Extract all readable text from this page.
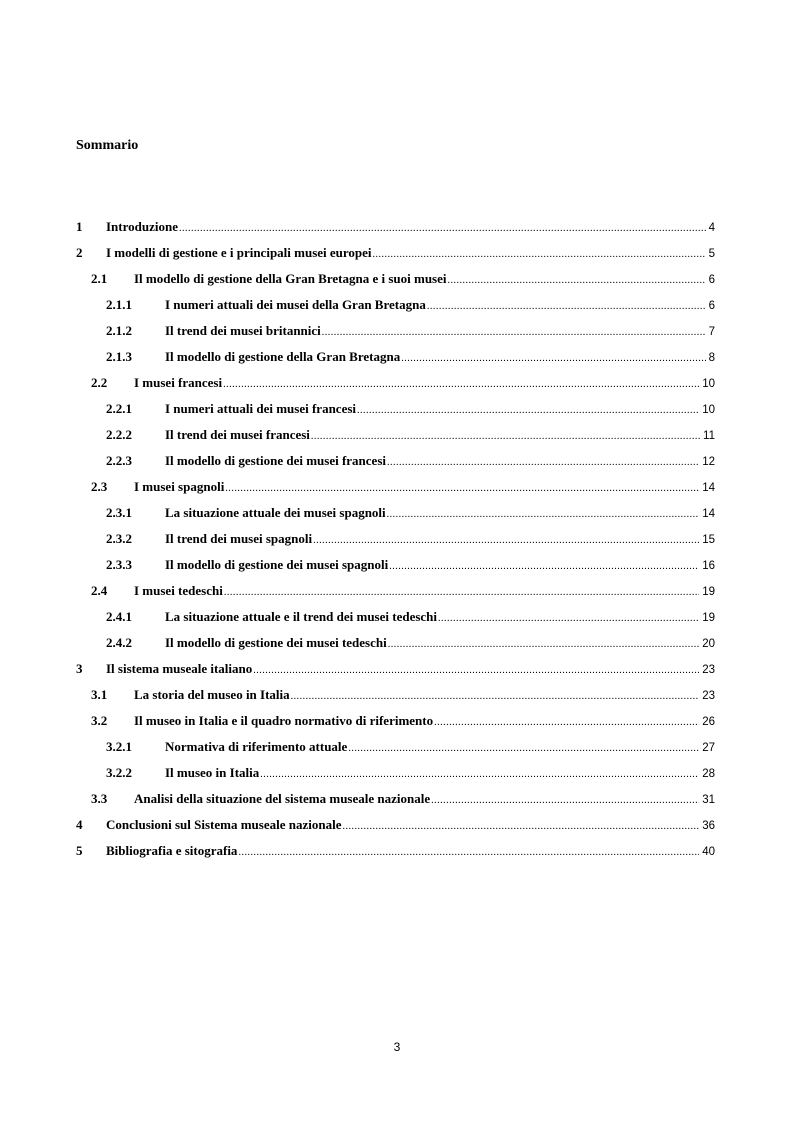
Sommario
1 Introduzione .....	4
2 I modelli di gestione e i principali musei europei .....	5
2.1 Il modello di gestione della Gran Bretagna e i suoi musei .....	6
2.1.1	I numeri attuali dei musei della Gran Bretagna .....	6
2.1.2	Il trend dei musei britannici .....	7
2.1.3	Il modello di gestione della Gran Bretagna .....	8
2.2 I musei francesi .....	10
2.2.1	I numeri attuali dei musei francesi .....	10
2.2.2	Il trend dei musei francesi .....	11
2.2.3	Il modello di gestione dei musei francesi .....	12
2.3 I musei spagnoli .....	14
2.3.1	La situazione attuale dei musei spagnoli .....	14
2.3.2	Il trend dei musei spagnoli .....	15
2.3.3	Il modello di gestione dei musei spagnoli .....	16
2.4 I musei tedeschi .....	19
2.4.1	La situazione attuale e il trend dei musei tedeschi .....	19
2.4.2	Il modello di gestione dei musei tedeschi .....	20
3 Il sistema museale italiano .....	23
3.1 La storia del museo in Italia .....	23
3.2 Il museo in Italia e il quadro normativo di riferimento .....	26
3.2.1	Normativa di riferimento attuale .....	27
3.2.2	Il museo in Italia .....	28
3.3 Analisi della situazione del sistema museale nazionale .....	31
4 Conclusioni sul Sistema museale nazionale .....	36
5 Bibliografia e sitografia .....	40
3
